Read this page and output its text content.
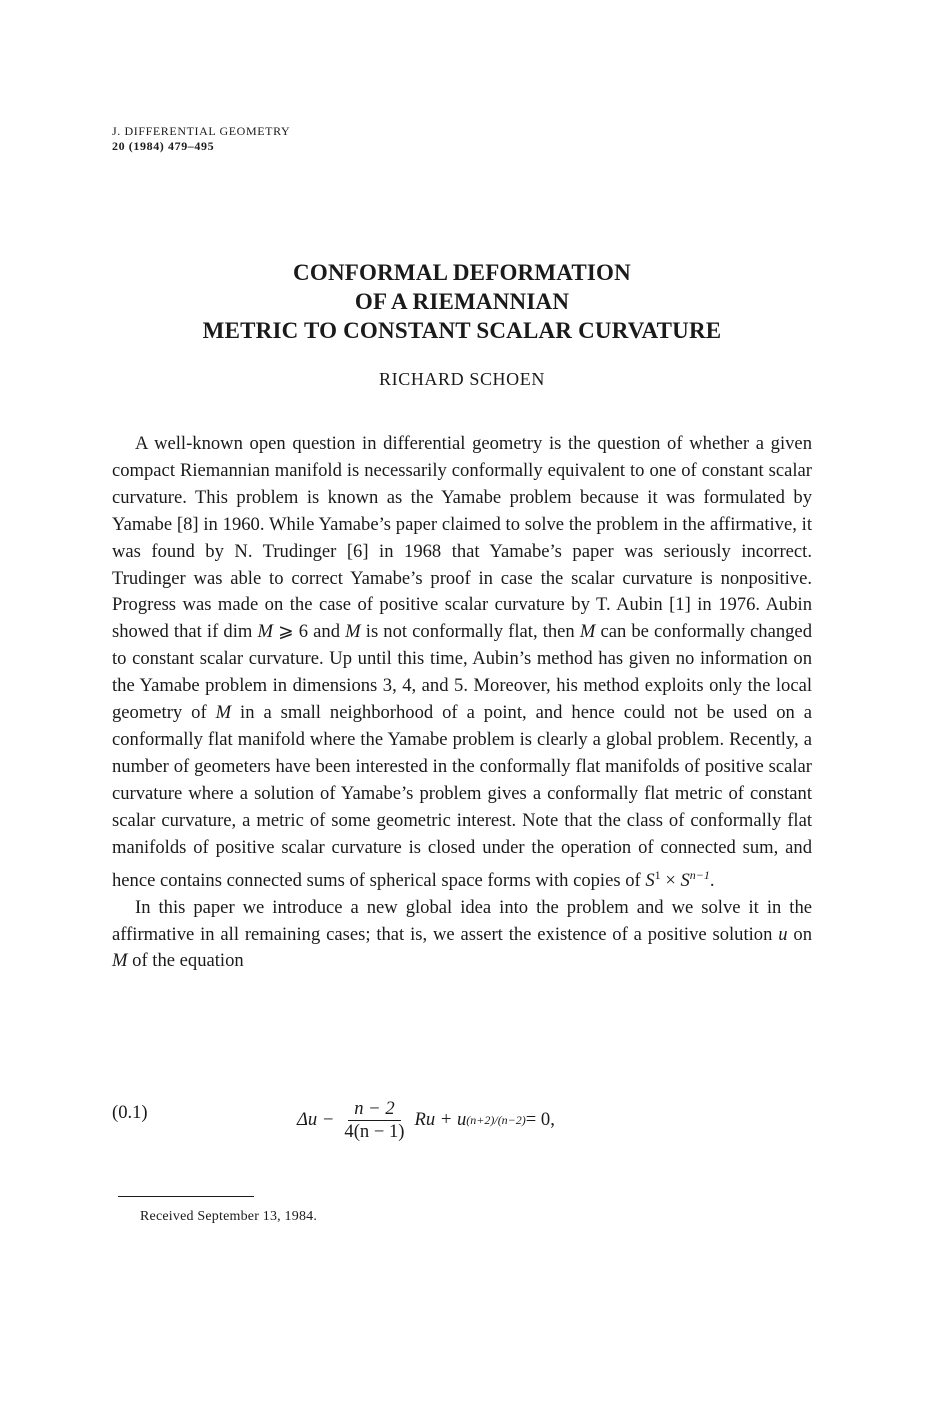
J. DIFFERENTIAL GEOMETRY
20 (1984) 479–495
CONFORMAL DEFORMATION
OF A RIEMANNIAN
METRIC TO CONSTANT SCALAR CURVATURE
RICHARD SCHOEN

A well-known open question in differential geometry is the question of whether a given compact Riemannian manifold is necessarily conformally equivalent to one of constant scalar curvature. This problem is known as the Yamabe problem because it was formulated by Yamabe [8] in 1960. While Yamabe’s paper claimed to solve the problem in the affirmative, it was found by N. Trudinger [6] in 1968 that Yamabe’s paper was seriously incorrect. Trudinger was able to correct Yamabe’s proof in case the scalar curvature is nonpositive. Progress was made on the case of positive scalar curvature by T. Aubin [1] in 1976. Aubin showed that if dim M ⩾ 6 and M is not conformally flat, then M can be conformally changed to constant scalar curvature. Up until this time, Aubin’s method has given no information on the Yamabe problem in dimensions 3, 4, and 5. Moreover, his method exploits only the local geometry of M in a small neighborhood of a point, and hence could not be used on a conformally flat manifold where the Yamabe problem is clearly a global problem. Recently, a number of geometers have been interested in the conformally flat manifolds of positive scalar curvature where a solution of Yamabe’s problem gives a conformally flat metric of constant scalar curvature, a metric of some geometric interest. Note that the class of conformally flat manifolds of positive scalar curvature is closed under the operation of connected sum, and hence contains connected sums of spherical space forms with copies of $S^1 \times S^{n-1}$.

In this paper we introduce a new global idea into the problem and we solve it in the affirmative in all remaining cases; that is, we assert the existence of a positive solution u on M of the equation

(0.1)	$\Delta u - \frac{n - 2}{4(n - 1)}$ Ru + u (n+2)/(n−2) = 0,
Received September 13, 1984.
